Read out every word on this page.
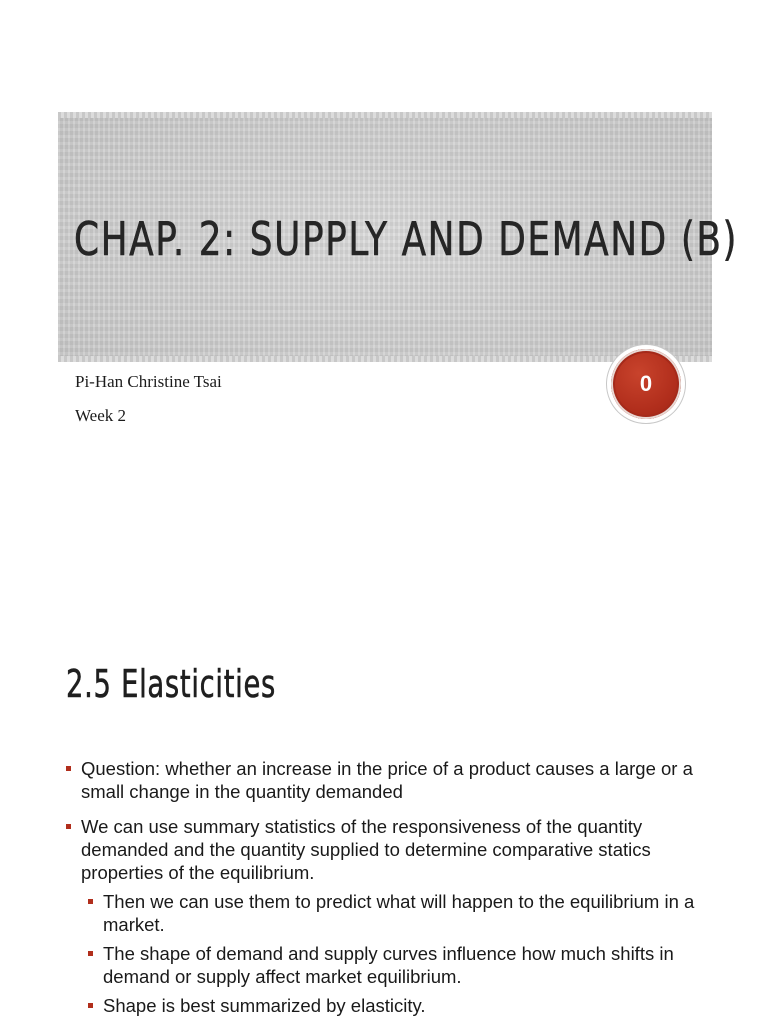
CHAP. 2: SUPPLY AND DEMAND (B)
Pi-Han Christine Tsai
Week 2
0
2.5 Elasticities
Question: whether an increase in the price of a product causes a large or a small change in the quantity demanded
We can use summary statistics of the responsiveness of the quantity demanded and the quantity supplied to determine comparative statics properties of the equilibrium.
Then we can use them to predict what will happen to the equilibrium in a market.
The shape of demand and supply curves influence how much shifts in demand or supply affect market equilibrium.
Shape is best summarized by elasticity.
